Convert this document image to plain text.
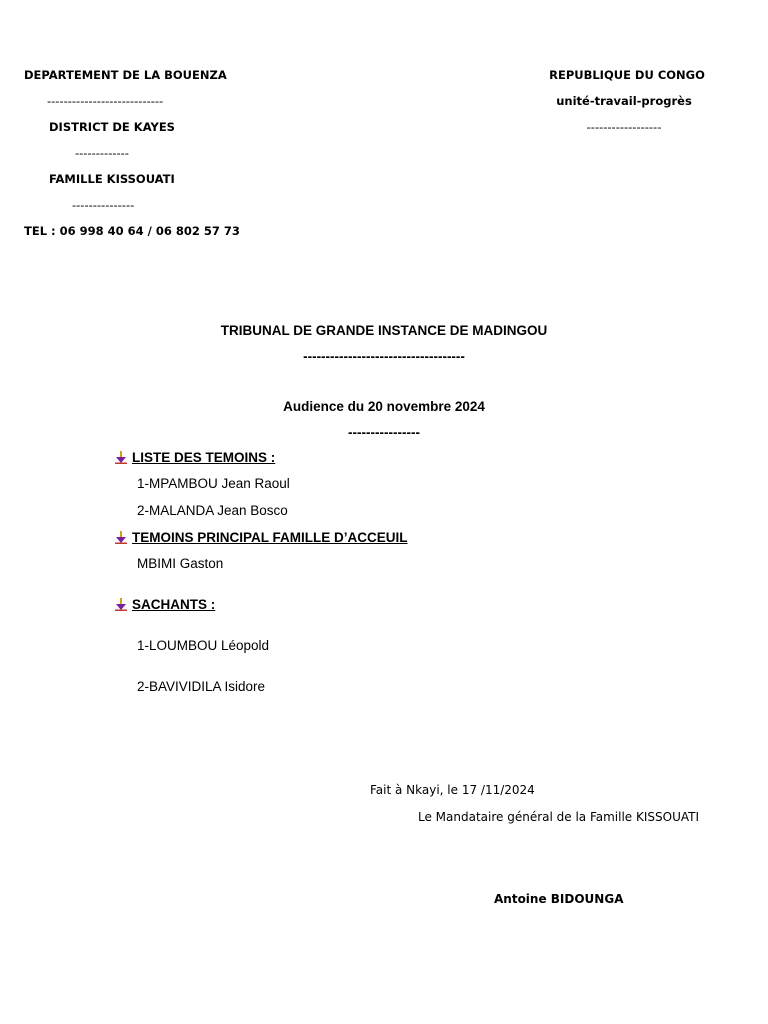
DEPARTEMENT DE LA BOUENZA
----------------------------
DISTRICT DE KAYES
-------------
FAMILLE KISSOUATI
---------------
TEL : 06 998 40 64 / 06 802 57 73
REPUBLIQUE DU CONGO
unité-travail-progrès
------------------
TRIBUNAL DE GRANDE INSTANCE DE MADINGOU
------------------------------------
Audience du 20 novembre 2024
----------------
LISTE DES TEMOINS :
1-MPAMBOU Jean Raoul
2-MALANDA Jean Bosco
TEMOINS PRINCIPAL FAMILLE D’ACCEUIL
MBIMI Gaston
SACHANTS :
1-LOUMBOU Léopold
2-BAVIVIDILA Isidore
Fait à Nkayi, le 17 /11/2024
Le Mandataire général de la Famille KISSOUATI
Antoine BIDOUNGA
